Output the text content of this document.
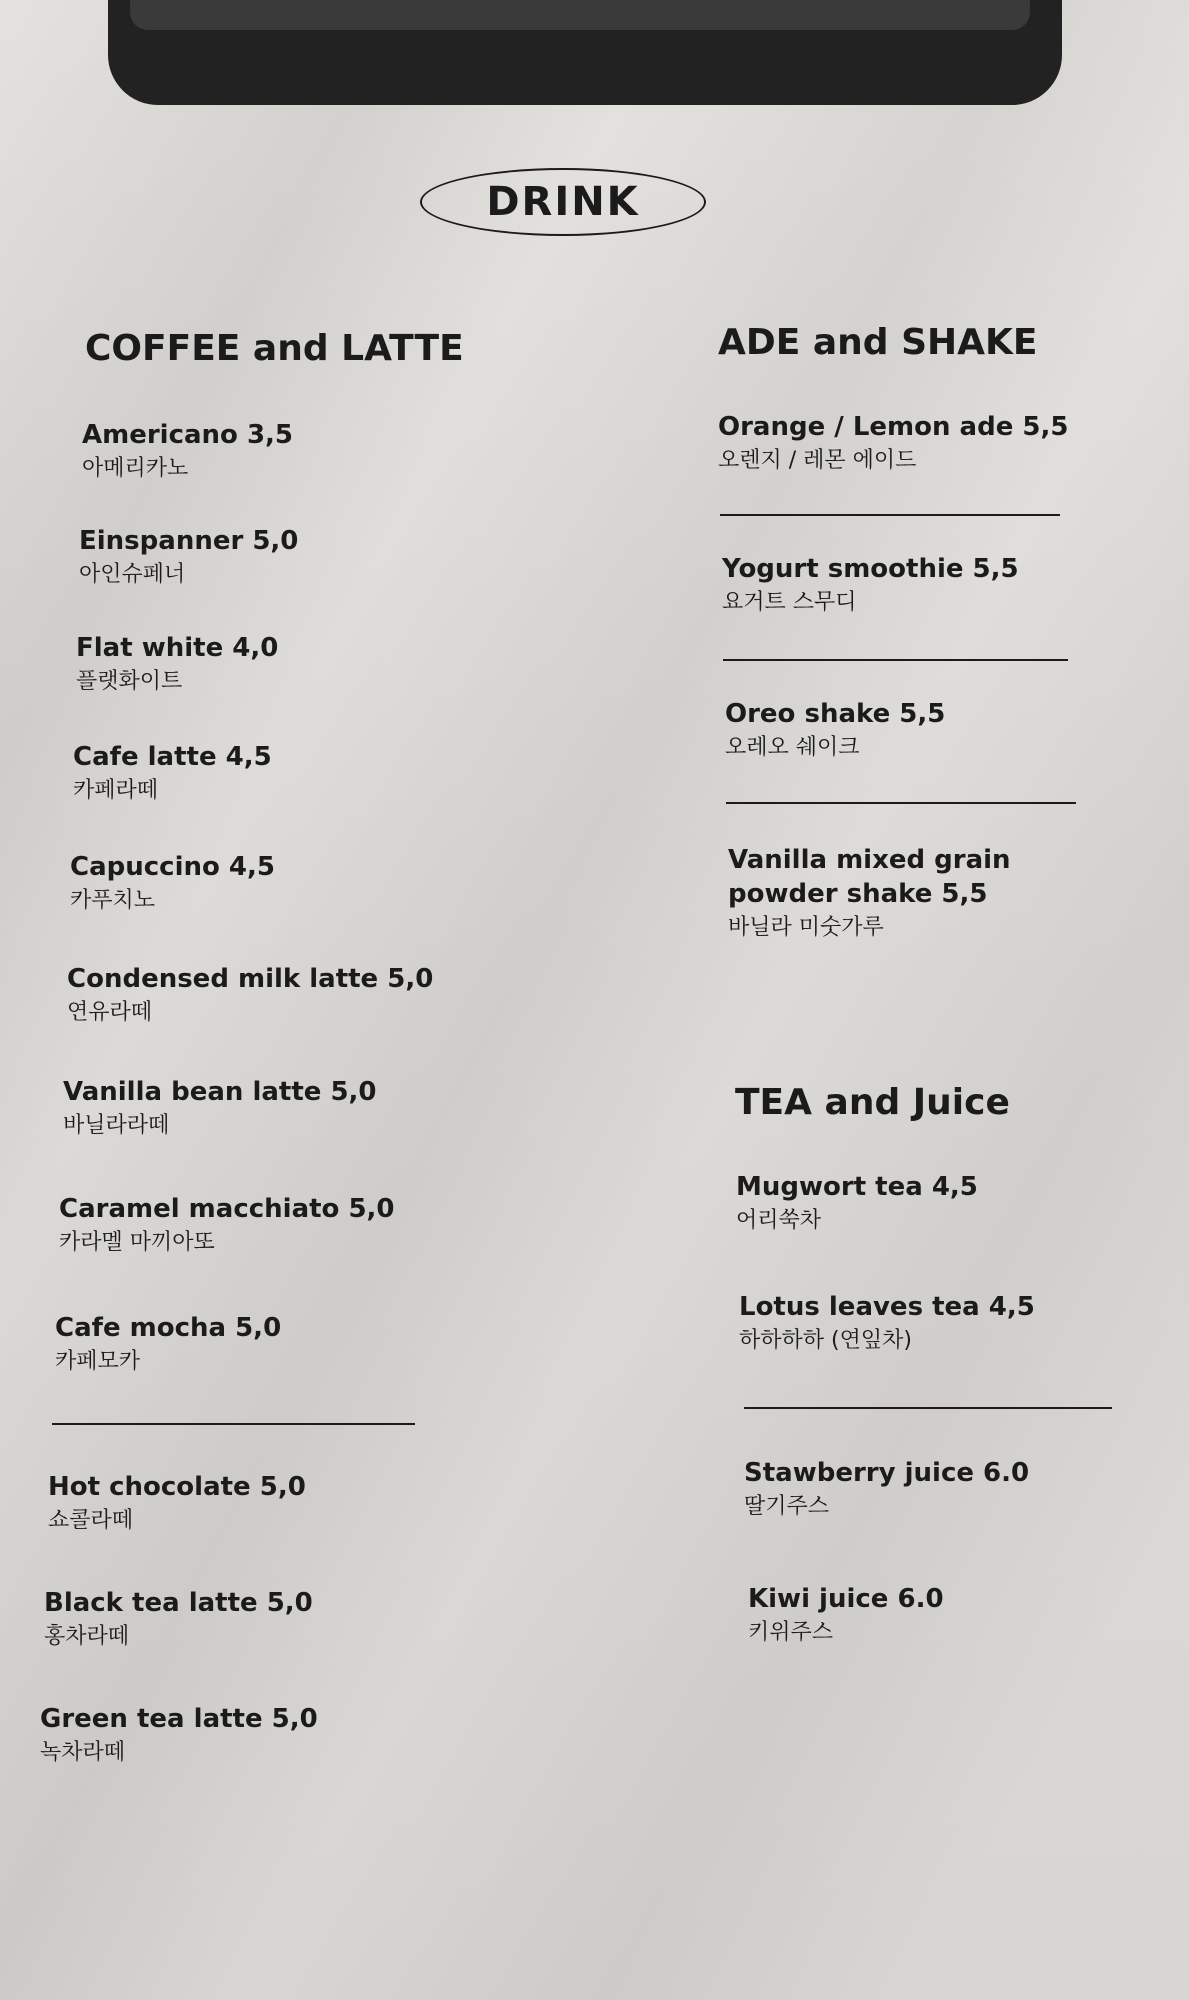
DRINK
COFFEE and LATTE
Americano 3,5
아메리카노
Einspanner 5,0
아인슈페너
Flat white 4,0
플랫화이트
Cafe latte 4,5
카페라떼
Capuccino 4,5
카푸치노
Condensed milk latte 5,0
연유라떼
Vanilla bean latte 5,0
바닐라라떼
Caramel macchiato 5,0
카라멜 마끼아또
Cafe mocha 5,0
카페모카
Hot chocolate 5,0
쇼콜라떼
Black tea latte 5,0
홍차라떼
Green tea latte 5,0
녹차라떼
ADE and SHAKE
Orange / Lemon ade 5,5
오렌지 / 레몬 에이드
Yogurt smoothie 5,5
요거트 스무디
Oreo shake 5,5
오레오 쉐이크
Vanilla mixed grain
powder shake 5,5
바닐라 미숫가루
TEA and Juice
Mugwort tea 4,5
어리쑥차
Lotus leaves tea 4,5
하하하하 (연잎차)
Stawberry juice 6.0
딸기주스
Kiwi juice 6.0
키위주스
